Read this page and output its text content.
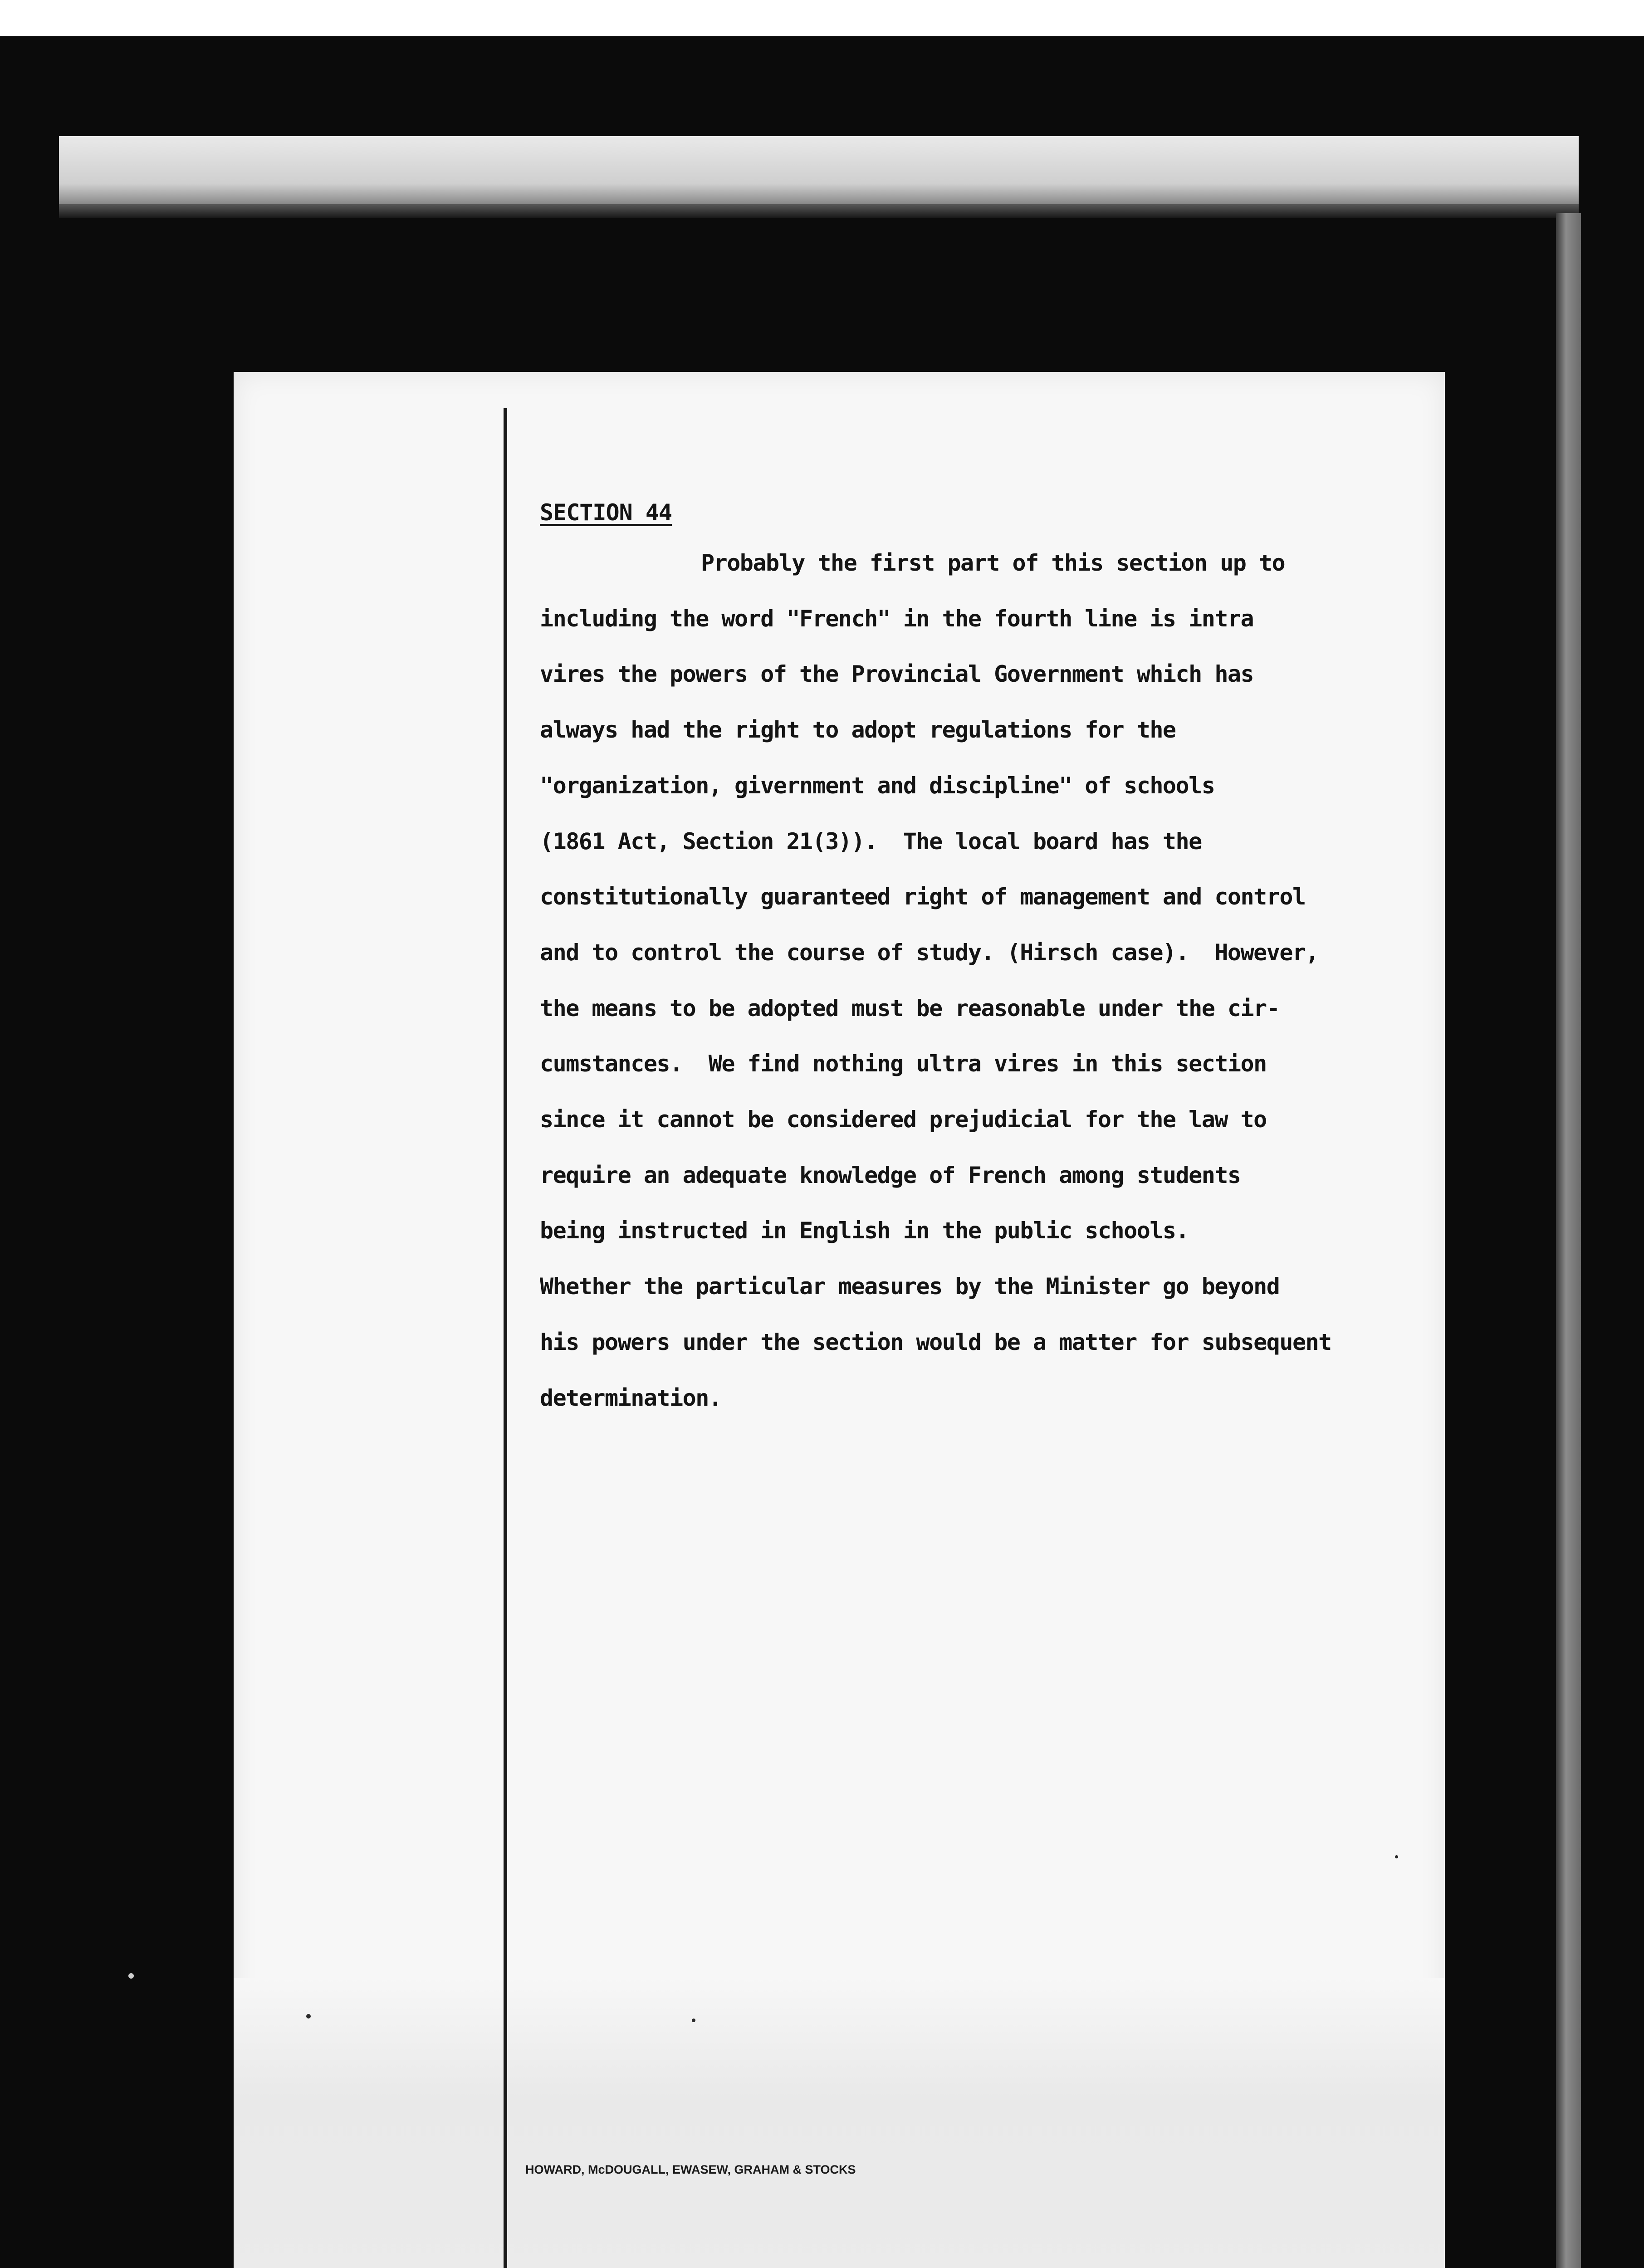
SECTION 44
Probably the first part of this section up to
including the word "French" in the fourth line is intra
vires the powers of the Provincial Government which has
always had the right to adopt regulations for the
"organization, givernment and discipline" of schools
(1861 Act, Section 21(3)).  The local board has the
constitutionally guaranteed right of management and control
and to control the course of study. (Hirsch case).  However,
the means to be adopted must be reasonable under the cir-
cumstances.  We find nothing ultra vires in this section
since it cannot be considered prejudicial for the law to
require an adequate knowledge of French among students
being instructed in English in the public schools.
Whether the particular measures by the Minister go beyond
his powers under the section would be a matter for subsequent
determination.
HOWARD, McDOUGALL, EWASEW, GRAHAM & STOCKS
